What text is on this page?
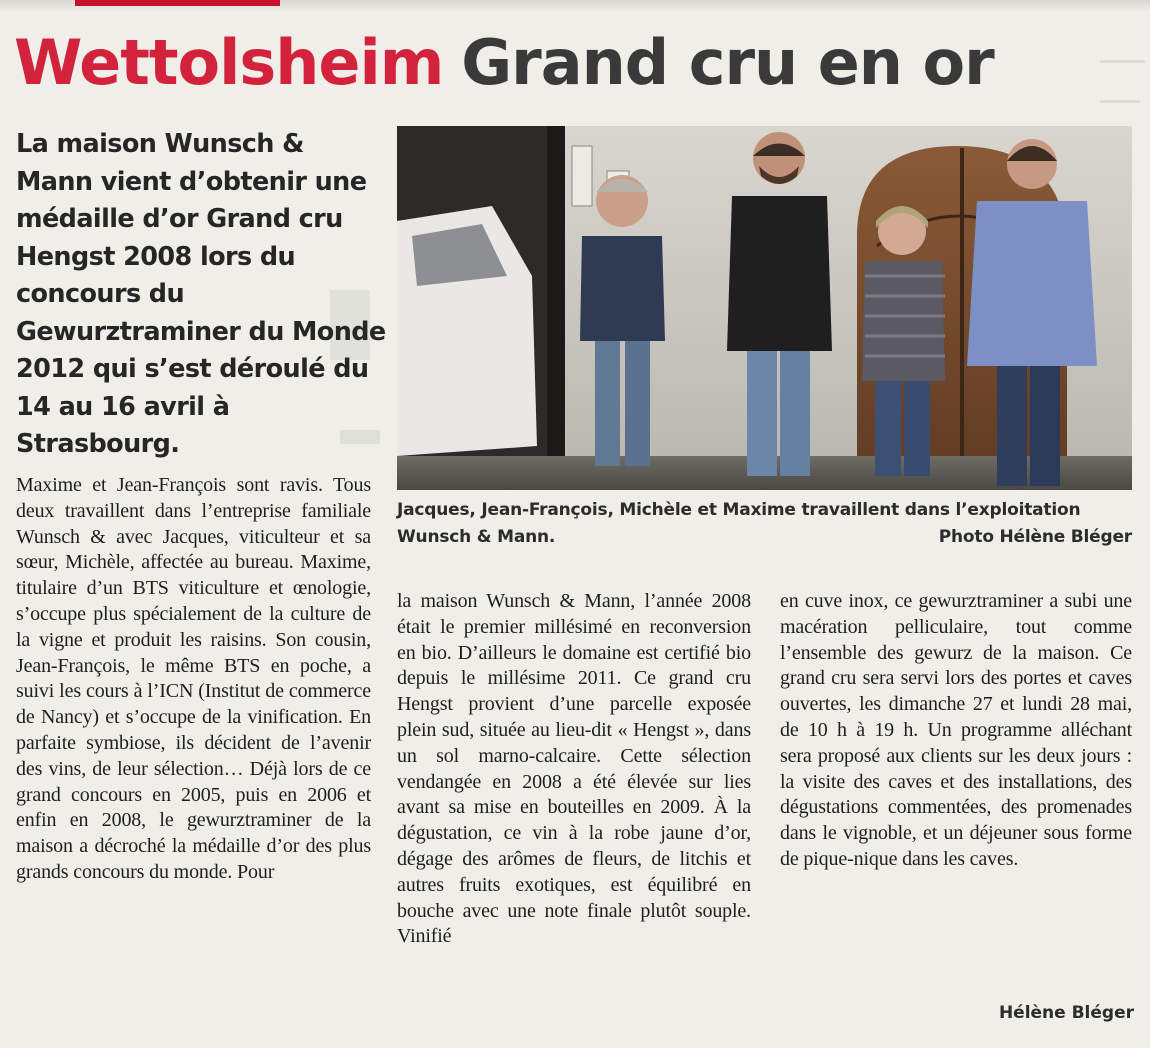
Wettolsheim Grand cru en or
La maison Wunsch & Mann vient d’obtenir une médaille d’or Grand cru Hengst 2008 lors du concours du Gewurztraminer du Monde 2012 qui s’est déroulé du 14 au 16 avril à Strasbourg.
Jacques, Jean-François, Michèle et Maxime travaillent dans l’exploitation Wunsch & Mann.	Photo Hélène Bléger
Maxime et Jean-François sont ravis. Tous deux travaillent dans l’entreprise familiale Wunsch & avec Jacques, viticulteur et sa sœur, Michèle, affectée au bureau. Maxime, titulaire d’un BTS viticulture et œnologie, s’occupe plus spécialement de la culture de la vigne et produit les raisins. Son cousin, Jean-François, le même BTS en poche, a suivi les cours à l’ICN (Institut de commerce de Nancy) et s’occupe de la vinification. En parfaite symbiose, ils décident de l’avenir des vins, de leur sélection… Déjà lors de ce grand concours en 2005, puis en 2006 et enfin en 2008, le gewurztraminer de la maison a décroché la médaille d’or des plus grands concours du monde. Pour
la maison Wunsch & Mann, l’année 2008 était le premier millésimé en reconversion en bio. D’ailleurs le domaine est certifié bio depuis le millésime 2011. Ce grand cru Hengst provient d’une parcelle exposée plein sud, située au lieu-dit « Hengst », dans un sol marno-calcaire. Cette sélection vendangée en 2008 a été élevée sur lies avant sa mise en bouteilles en 2009. À la dégustation, ce vin à la robe jaune d’or, dégage des arômes de fleurs, de litchis et autres fruits exotiques, est équilibré en bouche avec une note finale plutôt souple. Vinifié
en cuve inox, ce gewurztraminer a subi une macération pelliculaire, tout comme l’ensemble des gewurz de la maison. Ce grand cru sera servi lors des portes et caves ouvertes, les dimanche 27 et lundi 28 mai, de 10 h à 19 h. Un programme alléchant sera proposé aux clients sur les deux jours : la visite des caves et des installations, des dégustations commentées, des promenades dans le vignoble, et un déjeuner sous forme de pique-nique dans les caves.
Hélène Bléger
